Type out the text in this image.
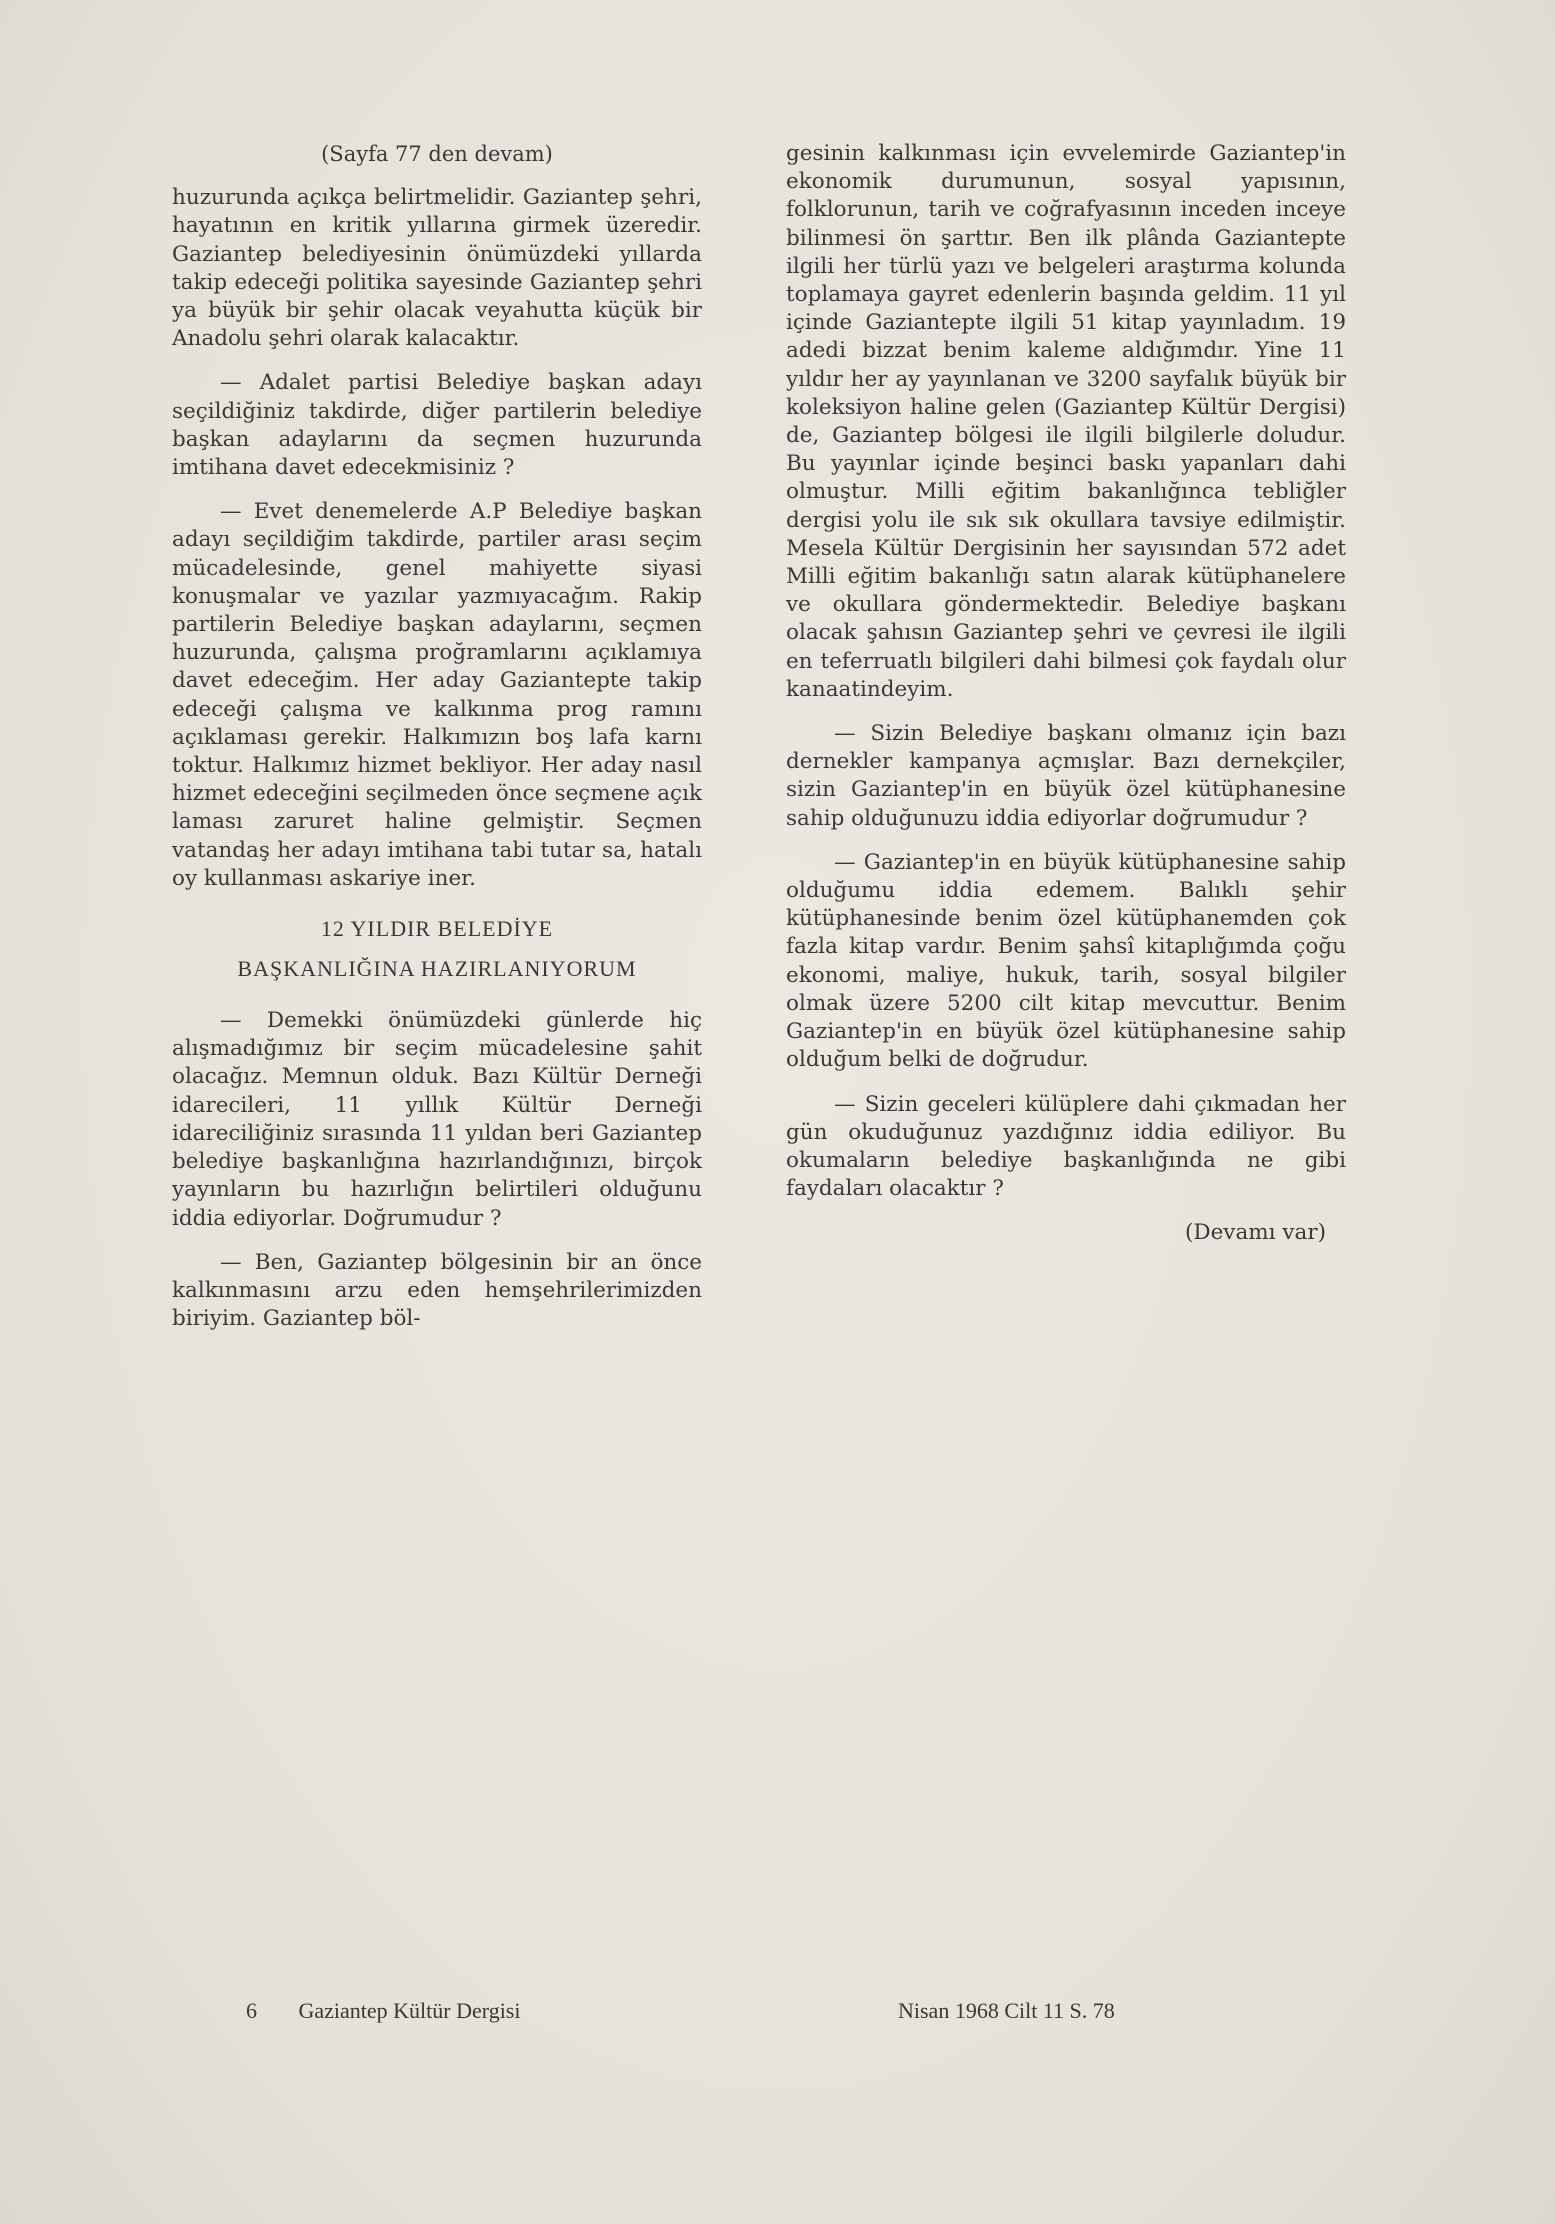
(Sayfa 77 den devam)

huzurunda açıkça belirtmelidir. Gaziantep şehri, hayatının en kritik yıllarına girmek üzeredir. Gaziantep belediyesinin önümüzdeki yıllarda takip edeceği politika sayesinde Gaziantep şehri ya büyük bir şehir olacak veyahutta küçük bir Anadolu şehri olarak kalacaktır.

— Adalet partisi Belediye başkan adayı seçildiğiniz takdirde, diğer partilerin belediye başkan adaylarını da seçmen huzurunda imtihana davet edecekmisiniz ?

— Evet denemelerde A.P Belediye başkan adayı seçildiğim takdirde, partiler arası seçim mücadelesinde, genel mahiyette siyasi konuşmalar ve yazılar yazmıyacağım. Rakip partilerin Belediye başkan adaylarını, seçmen huzurunda, çalışma proğramlarını açıklamıya davet edeceğim. Her aday Gaziantepte takip edeceği çalışma ve kalkınma prog ramını açıklaması gerekir. Halkımızın boş lafa karnı toktur. Halkımız hizmet bekliyor. Her aday nasıl hizmet edeceğini seçilmeden önce seçmene açık laması zaruret haline gelmiştir. Seçmen vatandaş her adayı imtihana tabi tutar sa, hatalı oy kullanması askariye iner.

12 YILDIR BELEDİYE
BAŞKANLIĞINA HAZIRLANIYORUM

— Demekki önümüzdeki günlerde hiç alışmadığımız bir seçim mücadelesine şahit olacağız. Memnun olduk. Bazı Kültür Derneği idarecileri, 11 yıllık Kültür Derneği idareciliğiniz sırasında 11 yıldan beri Gaziantep belediye başkanlığına hazırlandığınızı, birçok yayınların bu hazırlığın belirtileri olduğunu iddia ediyorlar. Doğrumudur ?

— Ben, Gaziantep bölgesinin bir an önce kalkınmasını arzu eden hemşehrilerimizden biriyim. Gaziantep böl-

gesinin kalkınması için evvelemirde Gaziantep'in ekonomik durumunun, sosyal yapısının, folklorunun, tarih ve coğrafyasının inceden inceye bilinmesi ön şarttır. Ben ilk plânda Gaziantepte ilgili her türlü yazı ve belgeleri araştırma kolunda toplamaya gayret edenlerin başında geldim. 11 yıl içinde Gaziantepte ilgili 51 kitap yayınladım. 19 adedi bizzat benim kaleme aldığımdır. Yine 11 yıldır her ay yayınlanan ve 3200 sayfalık büyük bir koleksiyon haline gelen (Gaziantep Kültür Dergisi) de, Gaziantep bölgesi ile ilgili bilgilerle doludur. Bu yayınlar içinde beşinci baskı yapanları dahi olmuştur. Milli eğitim bakanlığınca tebliğler dergisi yolu ile sık sık okullara tavsiye edilmiştir. Mesela Kültür Dergisinin her sayısından 572 adet Milli eğitim bakanlığı satın alarak kütüphanelere ve okullara göndermektedir. Belediye başkanı olacak şahısın Gaziantep şehri ve çevresi ile ilgili en teferruatlı bilgileri dahi bilmesi çok faydalı olur kanaatindeyim.

— Sizin Belediye başkanı olmanız için bazı dernekler kampanya açmışlar. Bazı dernekçiler, sizin Gaziantep'in en büyük özel kütüphanesine sahip olduğunuzu iddia ediyorlar doğrumudur ?

— Gaziantep'in en büyük kütüphanesine sahip olduğumu iddia edemem. Balıklı şehir kütüphanesinde benim özel kütüphanemden çok fazla kitap vardır. Benim şahsî kitaplığımda çoğu ekonomi, maliye, hukuk, tarih, sosyal bilgiler olmak üzere 5200 cilt kitap mevcuttur. Benim Gaziantep'in en büyük özel kütüphanesine sahip olduğum belki de doğrudur.

— Sizin geceleri külüplere dahi çıkmadan her gün okuduğunuz yazdığınız iddia ediliyor. Bu okumaların belediye başkanlığında ne gibi faydaları olacaktır ?

(Devamı var)
6 Gaziantep Kültür Dergisi	Nisan 1968 Cilt 11 S. 78
